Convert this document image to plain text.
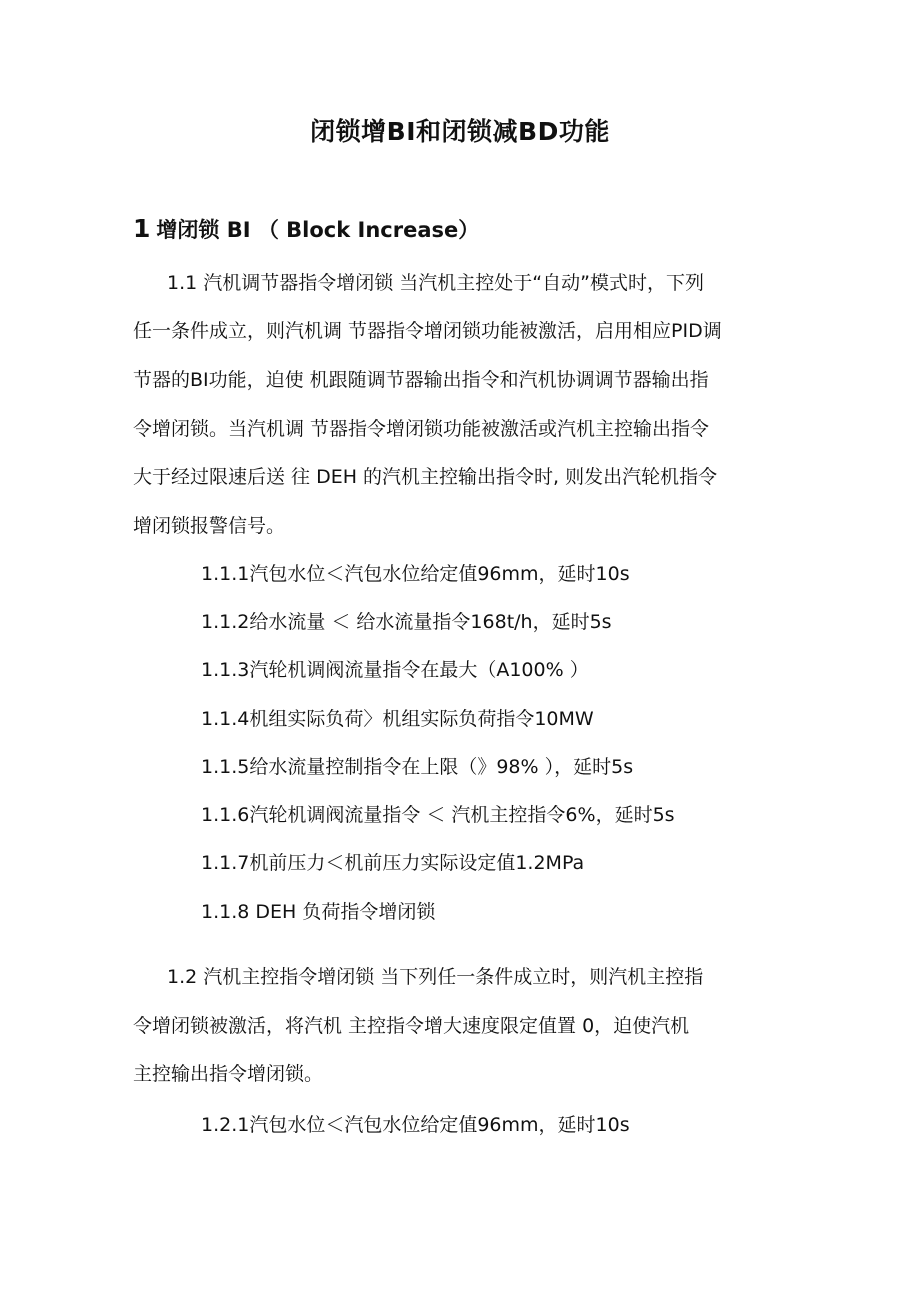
闭锁增BI和闭锁减BD功能
1 增闭锁 BI （ Block Increase）

1.1 汽机调节器指令增闭锁 当汽机主控处于“自动”模式时，下列

任一条件成立，则汽机调 节器指令增闭锁功能被激活，启用相应PID调

节器的BI功能，迫使 机跟随调节器输出指令和汽机协调调节器输出指

令增闭锁。当汽机调 节器指令增闭锁功能被激活或汽机主控输出指令

大于经过限速后送 往 DEH 的汽机主控输出指令时, 则发出汽轮机指令

增闭锁报警信号。

1.1.1汽包水位＜汽包水位给定值96mm，延时10s

1.1.2给水流量 ＜ 给水流量指令168t/h，延时5s

1.1.3汽轮机调阀流量指令在最大（A100% ）

1.1.4机组实际负荷〉机组实际负荷指令10MW

1.1.5给水流量控制指令在上限（》98% ），延时5s

1.1.6汽轮机调阀流量指令 ＜ 汽机主控指令6%，延时5s

1.1.7机前压力＜机前压力实际设定值1.2MPa

1.1.8 DEH 负荷指令增闭锁

1.2 汽机主控指令增闭锁 当下列任一条件成立时，则汽机主控指

令增闭锁被激活，将汽机 主控指令增大速度限定值置 0，迫使汽机

主控输出指令增闭锁。

1.2.1汽包水位＜汽包水位给定值96mm，延时10s
